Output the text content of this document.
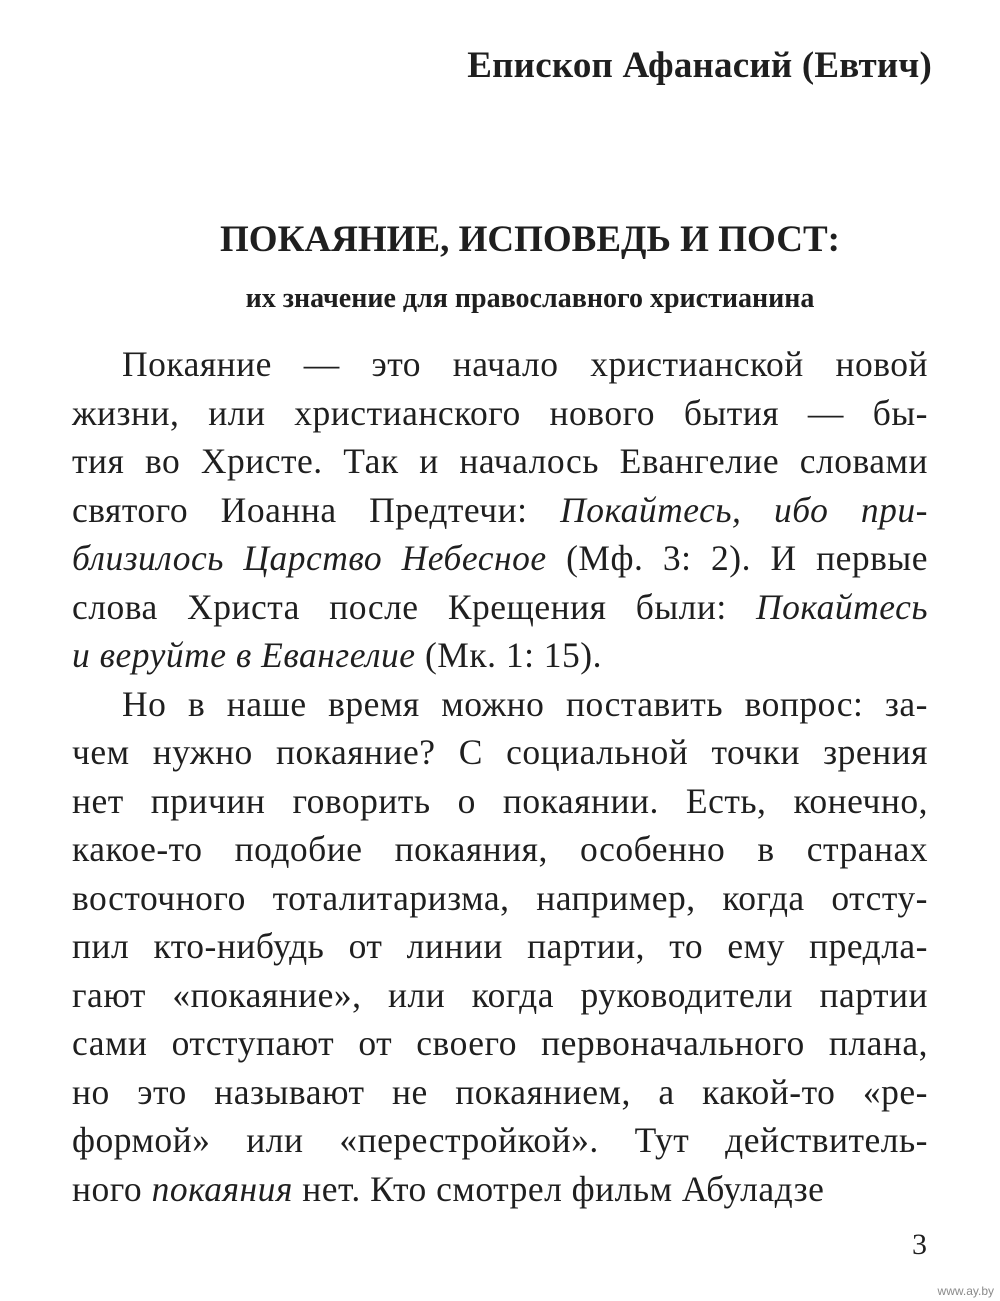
Епископ Афанасий (Евтич)
ПОКАЯНИЕ, ИСПОВЕДЬ И ПОСТ:
их значение для православного христианина
Покаяние — это начало христианской новой
жизни, или христианского нового бытия — бы-
тия во Христе. Так и началось Евангелие словами
святого Иоанна Предтечи: Покайтесь, ибо при-
близилось Царство Небесное (Мф. 3: 2). И первые
слова Христа после Крещения были: Покайтесь
и веруйте в Евангелие (Мк. 1: 15).
Но в наше время можно поставить вопрос: за-
чем нужно покаяние? С социальной точки зрения
нет причин говорить о покаянии. Есть, конечно,
какое-то подобие покаяния, особенно в странах
восточного тоталитаризма, например, когда отсту-
пил кто-нибудь от линии партии, то ему предла-
гают «покаяние», или когда руководители партии
сами отступают от своего первоначального плана,
но это называют не покаянием, а какой-то «ре-
формой» или «перестройкой». Тут действитель-
ного покаяния нет. Кто смотрел фильм Абуладзе
3
www.ay.by
